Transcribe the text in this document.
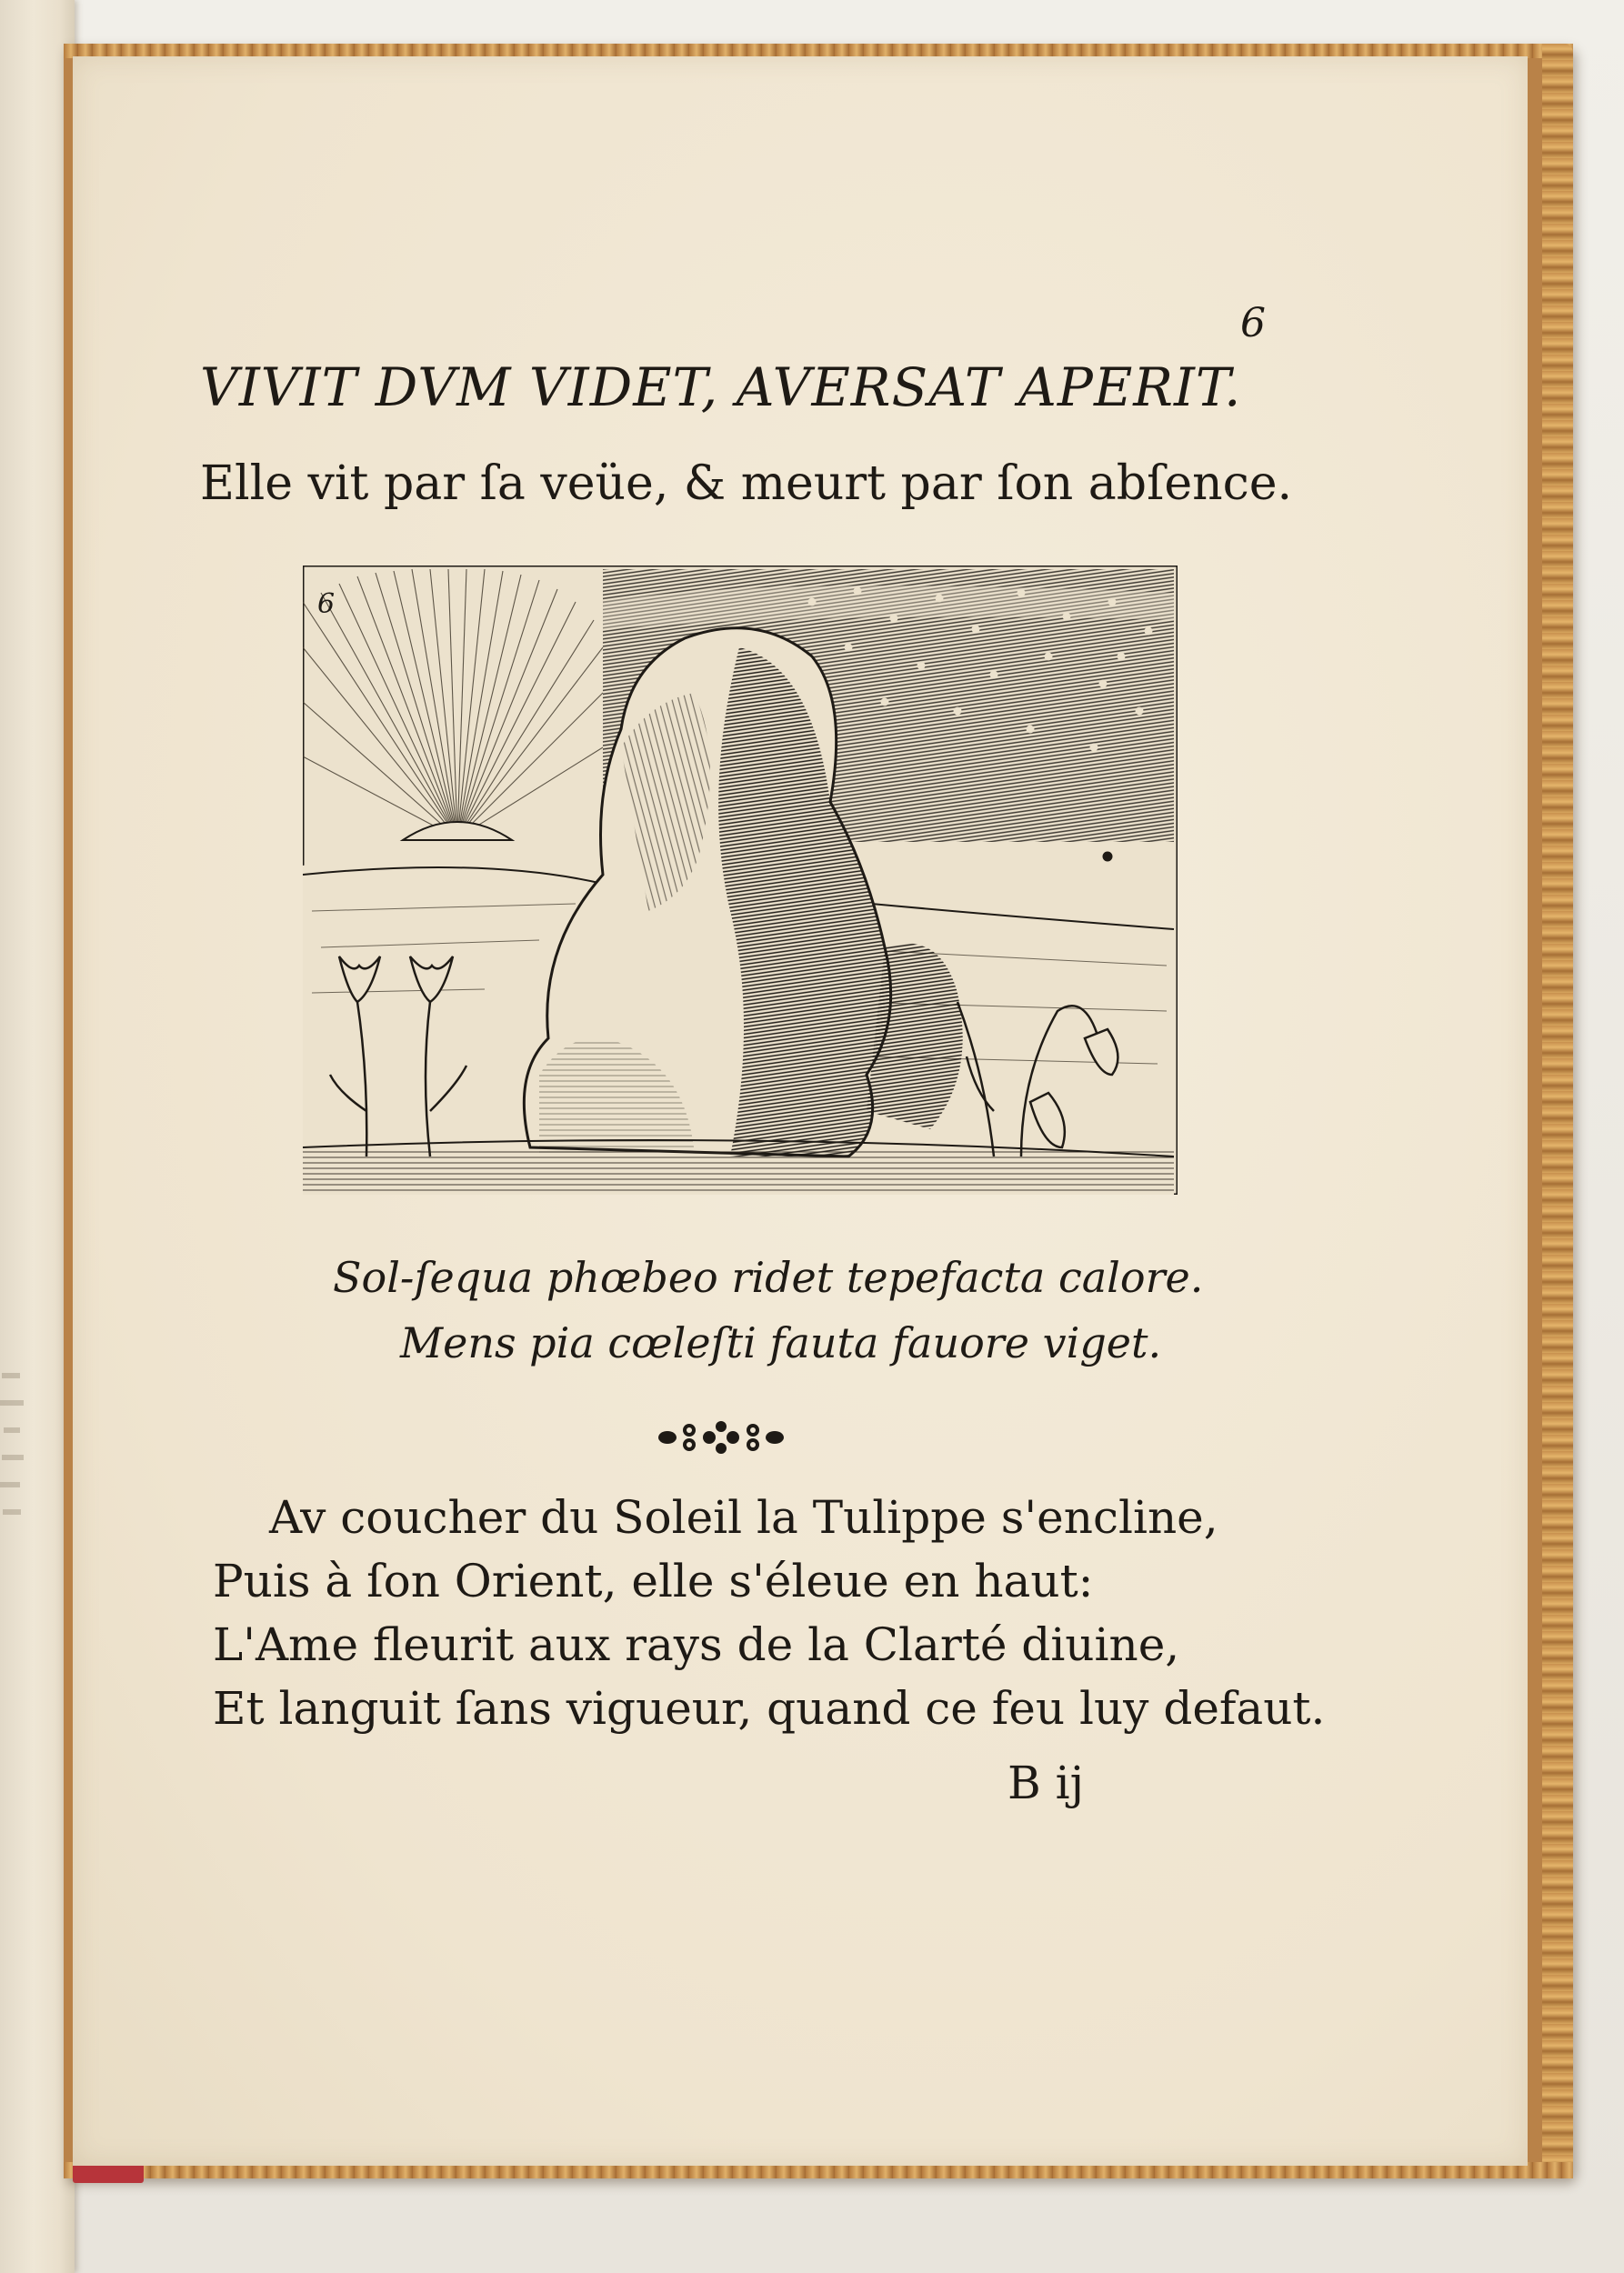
6
VIVIT DVM VIDET, AVERSAT APERIT.
Elle vit par ſa veüe, & meurt par ſon abſence.
6
Sol-ſequa phœbeo ridet tepefacta calore.
Mens pia cœleſti fauta fauore viget.
Av coucher du Soleil la Tulippe s'encline,
Puis à ſon Orient, elle s'éleue en haut:
L'Ame fleurit aux rays de la Clarté diuine,
Et languit ſans vigueur, quand ce feu luy defaut.
B ij
